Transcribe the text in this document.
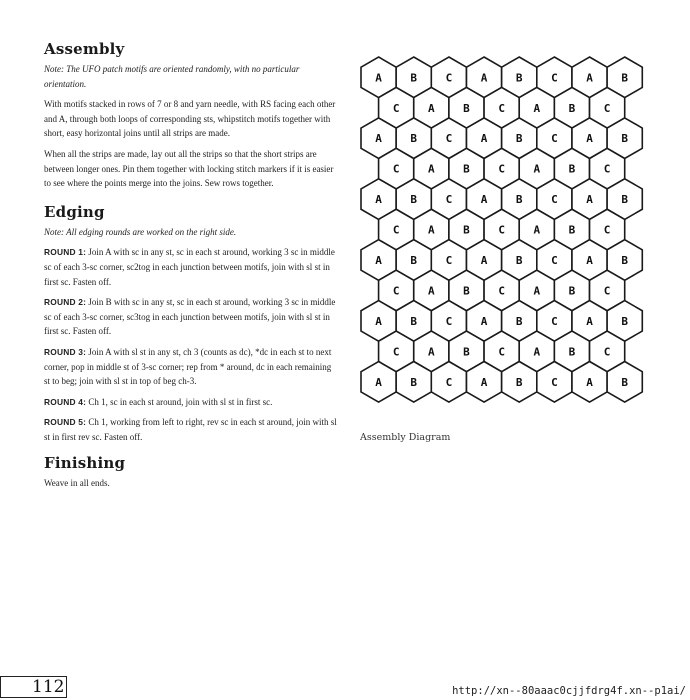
Assembly

Note: The UFO patch motifs are oriented randomly, with no particular orientation.

With motifs stacked in rows of 7 or 8 and yarn needle, with RS facing each other and A, through both loops of corresponding sts, whipstitch motifs together with short, easy horizontal joins until all strips are made.

When all the strips are made, lay out all the strips so that the short strips are between longer ones. Pin them together with locking stitch markers if it is easier to see where the points merge into the joins. Sew rows together.

Edging

Note: All edging rounds are worked on the right side.

ROUND 1: Join A with sc in any st, sc in each st around, working 3 sc in middle sc of each 3-sc corner, sc2tog in each junction between motifs, join with sl st in first sc. Fasten off.

ROUND 2: Join B with sc in any st, sc in each st around, working 3 sc in middle sc of each 3-sc corner, sc3tog in each junction between motifs, join with sl st in first sc. Fasten off.

ROUND 3: Join A with sl st in any st, ch 3 (counts as dc), *dc in each st to next corner, pop in middle st of 3-sc corner; rep from * around, dc in each remaining st to beg; join with sl st in top of beg ch-3.

ROUND 4: Ch 1, sc in each st around, join with sl st in first sc.

ROUND 5: Ch 1, working from left to right, rev sc in each st around, join with sl st in first rev sc. Fasten off.

Finishing

Weave in all ends.

A	B	C	A	B	C	A	B
C	A	B	C	A	B	C
A	B	C	A	B	C	A	B
C	A	B	C	A	B	C
A	B	C	A	B	C	A	B
C	A	B	C	A	B	C
A	B	C	A	B	C	A	B
C	A	B	C	A	B	C
A	B	C	A	B	C	A	B
C	A	B	C	A	B	C
A	B	C	A	B	C	A	B
Assembly Diagram
112	http://xn--80aaac0cjjfdrg4f.xn--p1ai/
